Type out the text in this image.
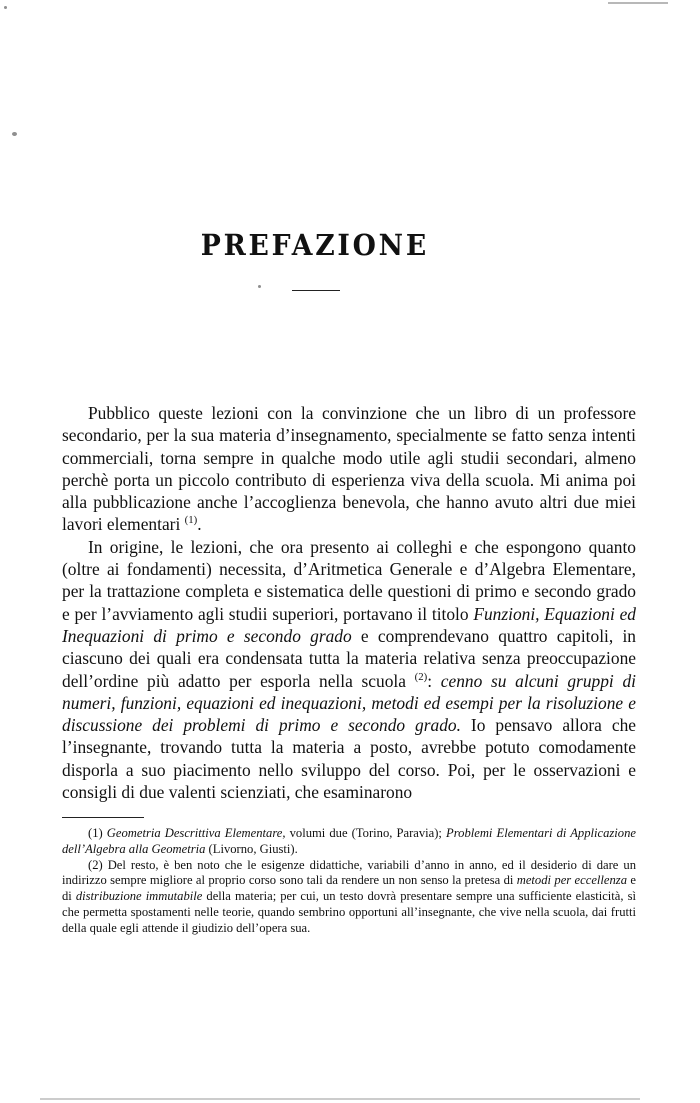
PREFAZIONE

Pubblico queste lezioni con la convinzione che un libro di un professore secondario, per la sua materia d’insegnamento, specialmente se fatto senza intenti commerciali, torna sempre in qualche modo utile agli studii secondari, almeno perchè porta un piccolo contributo di esperienza viva della scuola. Mi anima poi alla pubblicazione anche l’accoglienza benevola, che hanno avuto altri due miei lavori elementari $^{(1)}$.

In origine, le lezioni, che ora presento ai colleghi e che espongono quanto (oltre ai fondamenti) necessita, d’Aritmetica Generale e d’Algebra Elementare, per la trattazione completa e sistematica delle questioni di primo e secondo grado e per l’avviamento agli studii superiori, portavano il titolo Funzioni, Equazioni ed Inequazioni di primo e secondo grado e comprendevano quattro capitoli, in ciascuno dei quali era condensata tutta la materia relativa senza preoccupazione dell’ordine più adatto per esporla nella scuola $^{(2)}$: cenno su alcuni gruppi di numeri, funzioni, equazioni ed inequazioni, metodi ed esempi per la risoluzione e discussione dei problemi di primo e secondo grado. Io pensavo allora che l’insegnante, trovando tutta la materia a posto, avrebbe potuto comodamente disporla a suo piacimento nello sviluppo del corso. Poi, per le osservazioni e consigli di due valenti scienziati, che esaminarono

(1) Geometria Descrittiva Elementare, volumi due (Torino, Paravia); Problemi Elementari di Applicazione dell’Algebra alla Geometria (Livorno, Giusti).

(2) Del resto, è ben noto che le esigenze didattiche, variabili d’anno in anno, ed il desiderio di dare un indirizzo sempre migliore al proprio corso sono tali da rendere un non senso la pretesa di metodi per eccellenza e di distribuzione immutabile della materia; per cui, un testo dovrà presentare sempre una sufficiente elasticità, sì che permetta spostamenti nelle teorie, quando sembrino opportuni all’insegnante, che vive nella scuola, dai frutti della quale egli attende il giudizio dell’opera sua.
